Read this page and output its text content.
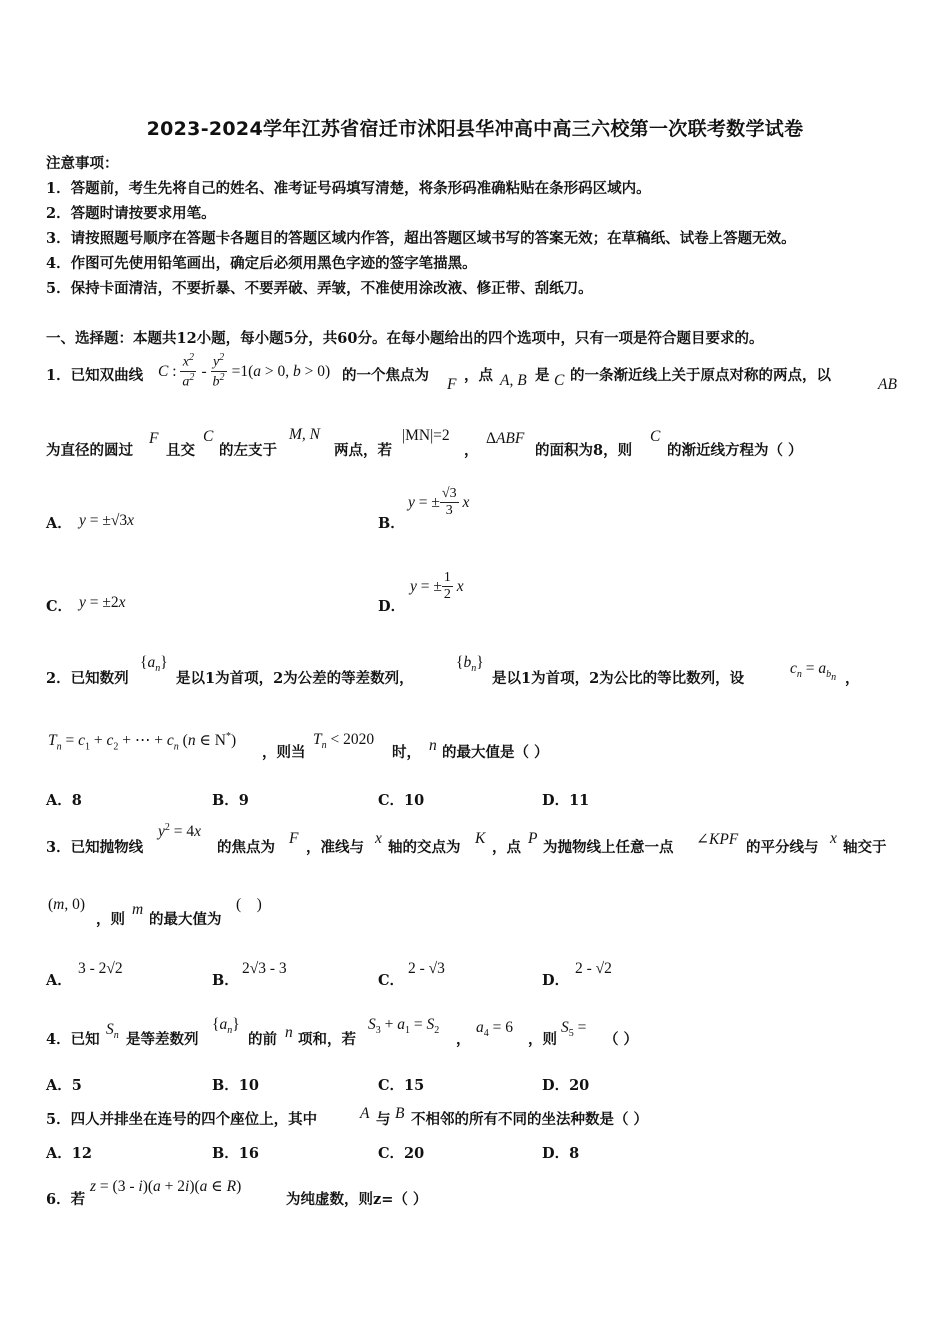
2023-2024学年江苏省宿迁市沭阳县华冲高中高三六校第一次联考数学试卷
注意事项：
1．答题前，考生先将自己的姓名、准考证号码填写清楚，将条形码准确粘贴在条形码区域内。
2．答题时请按要求用笔。
3．请按照题号顺序在答题卡各题目的答题区域内作答，超出答题区域书写的答案无效；在草稿纸、试卷上答题无效。
4．作图可先使用铅笔画出，确定后必须用黑色字迹的签字笔描黑。
5．保持卡面清洁，不要折暴、不要弄破、弄皱，不准使用涂改液、修正带、刮纸刀。
一、选择题：本题共12小题，每小题5分，共60分。在每小题给出的四个选项中，只有一项是符合题目要求的。
1．已知双曲线 C : $\frac{x^2}{a^2} - \frac{y^2}{b^2} =1(a > 0$, b > 0) 的一个焦点为
F
，点 A, B 是 C 的一条渐近线上关于原点对称的两点，以
AB
为直径的圆过
F
且交
C
的左支于
M, N
两点，若
|MN|=2
，
ΔABF
的面积为8，则
C
的渐近线方程为（ ）
A． y = ±√3x	B．
y = ± $\frac{√3}{3}$ x
C． y = ±2x	D．
y = ± $\frac{1}{2}$ x
2．已知数列
$\{a_n\}$
是以1为首项，2为公差的等差数列，
$\{b_n\}$
是以1为首项，2为公比的等比数列，设
$c_n = a_{b_n}$ ，
$T_n = c_1 + c_2$ + ⋯ + $c_n$ (n ∈ N*)
，则当
$T_n < 2020$
时， n 的最大值是（ ）
A．8	B．9	C．10	D．11
3．已知抛物线
$y^2 = 4x$
的焦点为
F
，准线与
x
轴的交点为
K
，点
P
为抛物线上任意一点 ∠KPF 的平分线与
x
轴交于
(m, 0)
，则
m
的最大值为
(    )
A．
3 - 2√2
B．
2√3 - 3
C．
2 - √3
D．
2 - √2
4．已知
$S_n$ 是等差数列
$\{a_n\}$
的前 n 项和，若
$S_3 + a_1 = S_2$
，
$a_4 = 6$
，则
$S_5$ =
（ ）
A．5	B．10	C．15	D．20
5．四人并排坐在连号的四个座位上，其中	A 与 B 不相邻的所有不同的坐法种数是（ ）
A．12	B．16	C．20	D．8
6．若
z = (3 - i)(a + 2i)(a ∈ R)
为纯虚数，则z=（ ）
